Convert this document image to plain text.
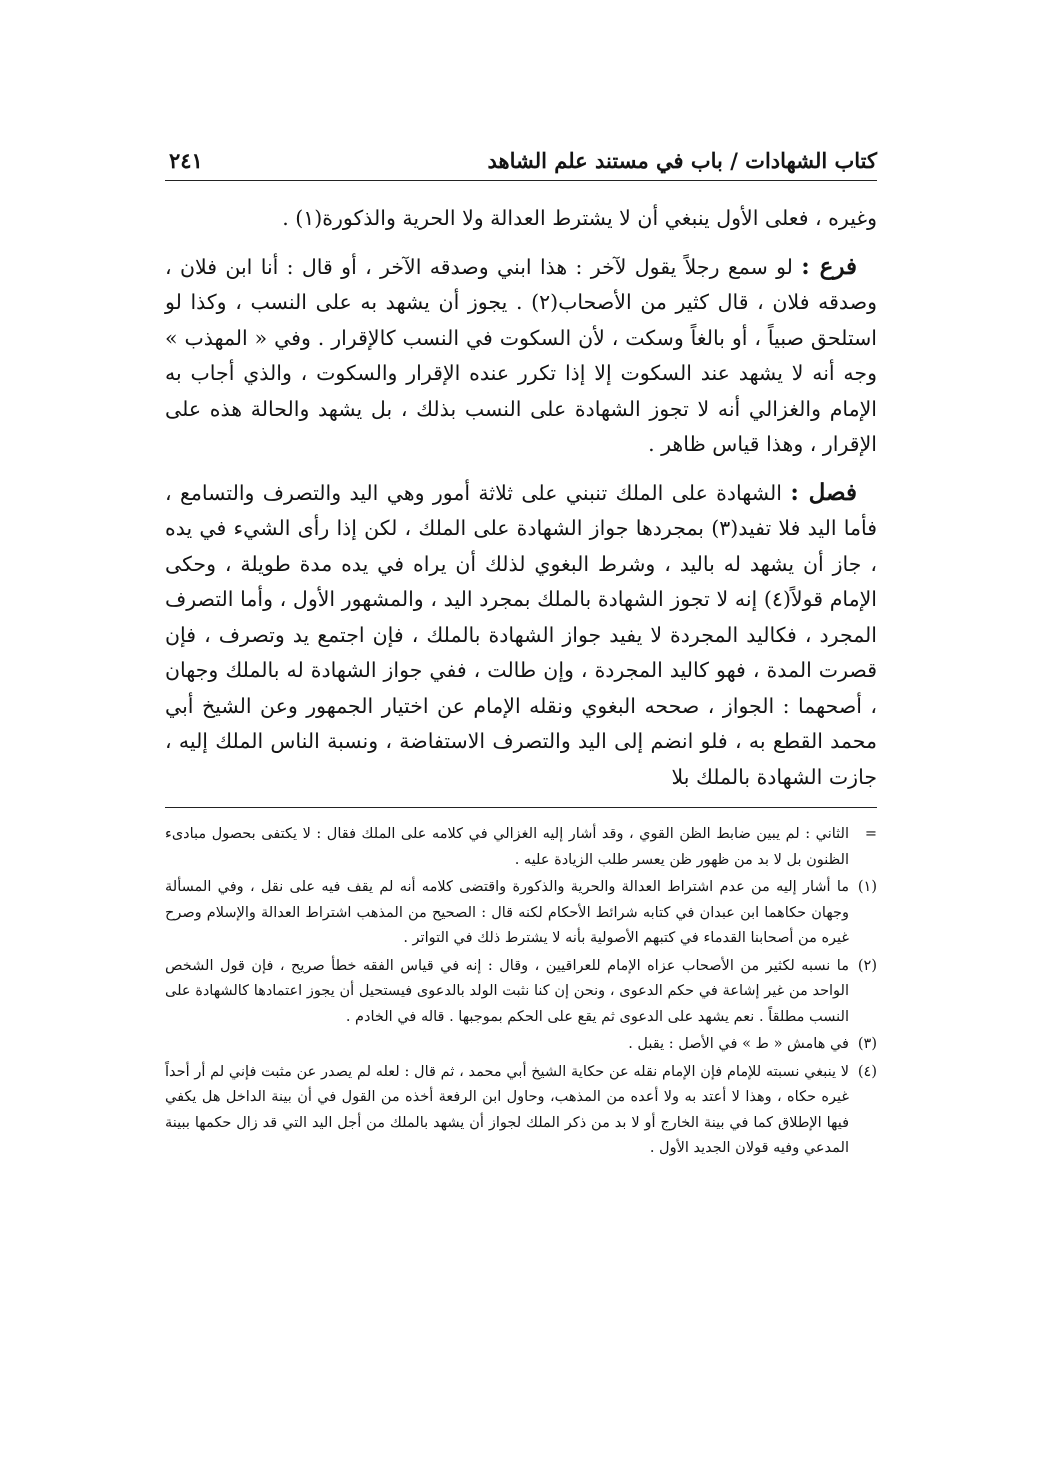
كتاب الشهادات / باب في مستند علم الشاهد
٢٤١

وغيره ، فعلى الأول ينبغي أن لا يشترط العدالة ولا الحرية والذكورة(١) .

فرع : لو سمع رجلاً يقول لآخر : هذا ابني وصدقه الآخر ، أو قال : أنا ابن فلان ، وصدقه فلان ، قال كثير من الأصحاب(٢) . يجوز أن يشهد به على النسب ، وكذا لو استلحق صبياً ، أو بالغاً وسكت ، لأن السكوت في النسب كالإقرار . وفي « المهذب » وجه أنه لا يشهد عند السكوت إلا إذا تكرر عنده الإقرار والسكوت ، والذي أجاب به الإمام والغزالي أنه لا تجوز الشهادة على النسب بذلك ، بل يشهد والحالة هذه على الإقرار ، وهذا قياس ظاهر .

فصل : الشهادة على الملك تنبني على ثلاثة أمور وهي اليد والتصرف والتسامع ، فأما اليد فلا تفيد(٣) بمجردها جواز الشهادة على الملك ، لكن إذا رأى الشيء في يده ، جاز أن يشهد له باليد ، وشرط البغوي لذلك أن يراه في يده مدة طويلة ، وحكى الإمام قولاً(٤) إنه لا تجوز الشهادة بالملك بمجرد اليد ، والمشهور الأول ، وأما التصرف المجرد ، فكاليد المجردة لا يفيد جواز الشهادة بالملك ، فإن اجتمع يد وتصرف ، فإن قصرت المدة ، فهو كاليد المجردة ، وإن طالت ، ففي جواز الشهادة له بالملك وجهان ، أصحهما : الجواز ، صححه البغوي ونقله الإمام عن اختيار الجمهور وعن الشيخ أبي محمد القطع به ، فلو انضم إلى اليد والتصرف الاستفاضة ، ونسبة الناس الملك إليه ، جازت الشهادة بالملك بلا

=
الثاني : لم يبين ضابط الظن القوي ، وقد أشار إليه الغزالي في كلامه على الملك فقال : لا يكتفى بحصول مبادىء الظنون بل لا بد من ظهور ظن يعسر طلب الزيادة عليه .
(١)
ما أشار إليه من عدم اشتراط العدالة والحرية والذكورة واقتضى كلامه أنه لم يقف فيه على نقل ، وفي المسألة وجهان حكاهما ابن عبدان في كتابه شرائط الأحكام لكنه قال : الصحيح من المذهب اشتراط العدالة والإسلام وصرح غيره من أصحابنا القدماء في كتبهم الأصولية بأنه لا يشترط ذلك في التواتر .
(٢)
ما نسبه لكثير من الأصحاب عزاه الإمام للعراقيين ، وقال : إنه في قياس الفقه خطأ صريح ، فإن قول الشخص الواحد من غير إشاعة في حكم الدعوى ، ونحن إن كنا نثبت الولد بالدعوى فيستحيل أن يجوز اعتمادها كالشهادة على النسب مطلقاً . نعم يشهد على الدعوى ثم يقع على الحكم بموجبها . قاله في الخادم .
(٣)
في هامش « ط » في الأصل : يقبل .
(٤)
لا ينبغي نسبته للإمام فإن الإمام نقله عن حكاية الشيخ أبي محمد ، ثم قال : لعله لم يصدر عن مثبت فإني لم أر أحداً غيره حكاه ، وهذا لا أعتد به ولا أعده من المذهب، وحاول ابن الرفعة أخذه من القول في أن بينة الداخل هل يكفي فيها الإطلاق كما في بينة الخارج أو لا بد من ذكر الملك لجواز أن يشهد بالملك من أجل اليد التي قد زال حكمها ببينة المدعي وفيه قولان الجديد الأول .
